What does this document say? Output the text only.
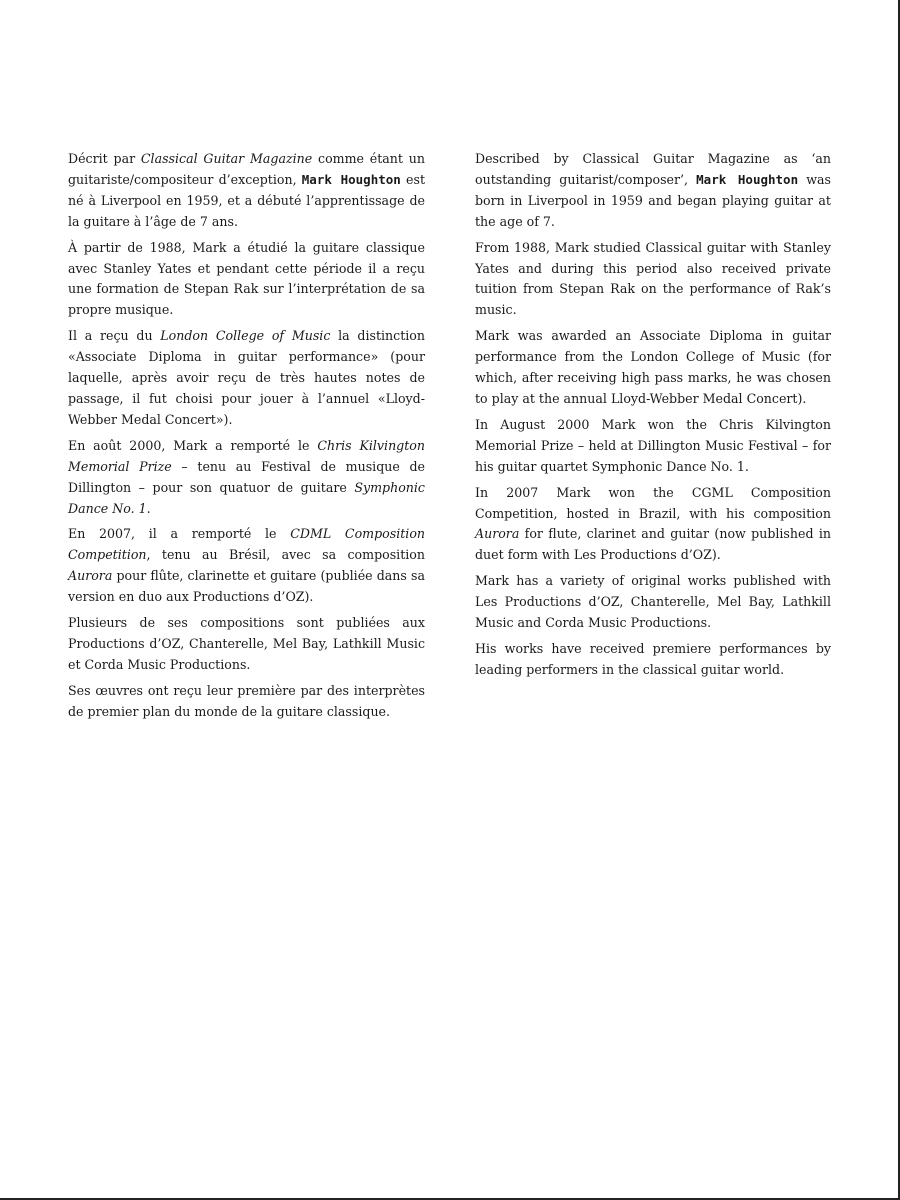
Décrit par Classical Guitar Magazine comme étant un guitariste/compositeur d’exception, Mark Houghton est né à Liverpool en 1959, et a débuté l’apprentissage de la guitare à l’âge de 7 ans.

À partir de 1988, Mark a étudié la guitare classique avec Stanley Yates et pendant cette période il a reçu une formation de Stepan Rak sur l’interprétation de sa propre musique.

Il a reçu du London College of Music la distinction «Associate Diploma in guitar performance» (pour laquelle, après avoir reçu de très hautes notes de passage, il fut choisi pour jouer à l’annuel «Lloyd-Webber Medal Concert»).

En août 2000, Mark a remporté le Chris Kilvington Memorial Prize – tenu au Festival de musique de Dillington – pour son quatuor de guitare Symphonic Dance No. 1.

En 2007, il a remporté le CDML Composition Competition, tenu au Brésil, avec sa composition Aurora pour flûte, clarinette et guitare (publiée dans sa version en duo aux Productions d’OZ).

Plusieurs de ses compositions sont publiées aux Productions d’OZ, Chanterelle, Mel Bay, Lathkill Music et Corda Music Productions.

Ses œuvres ont reçu leur première par des interprètes de premier plan du monde de la guitare classique.

Described by Classical Guitar Magazine as ‘an outstanding guitarist/composer’, Mark Houghton was born in Liverpool in 1959 and began playing guitar at the age of 7.

From 1988, Mark studied Classical guitar with Stanley Yates and during this period also received private tuition from Stepan Rak on the performance of Rak’s music.

Mark was awarded an Associate Diploma in guitar performance from the London College of Music (for which, after receiving high pass marks, he was chosen to play at the annual Lloyd-Webber Medal Concert).

In August 2000 Mark won the Chris Kilvington Memorial Prize – held at Dillington Music Festival – for his guitar quartet Symphonic Dance No. 1.

In 2007 Mark won the CGML Composition Competition, hosted in Brazil, with his composition Aurora for flute, clarinet and guitar (now published in duet form with Les Productions d’OZ).

Mark has a variety of original works published with Les Productions d’OZ, Chanterelle, Mel Bay, Lathkill Music and Corda Music Productions.

His works have received premiere performances by leading performers in the classical guitar world.
